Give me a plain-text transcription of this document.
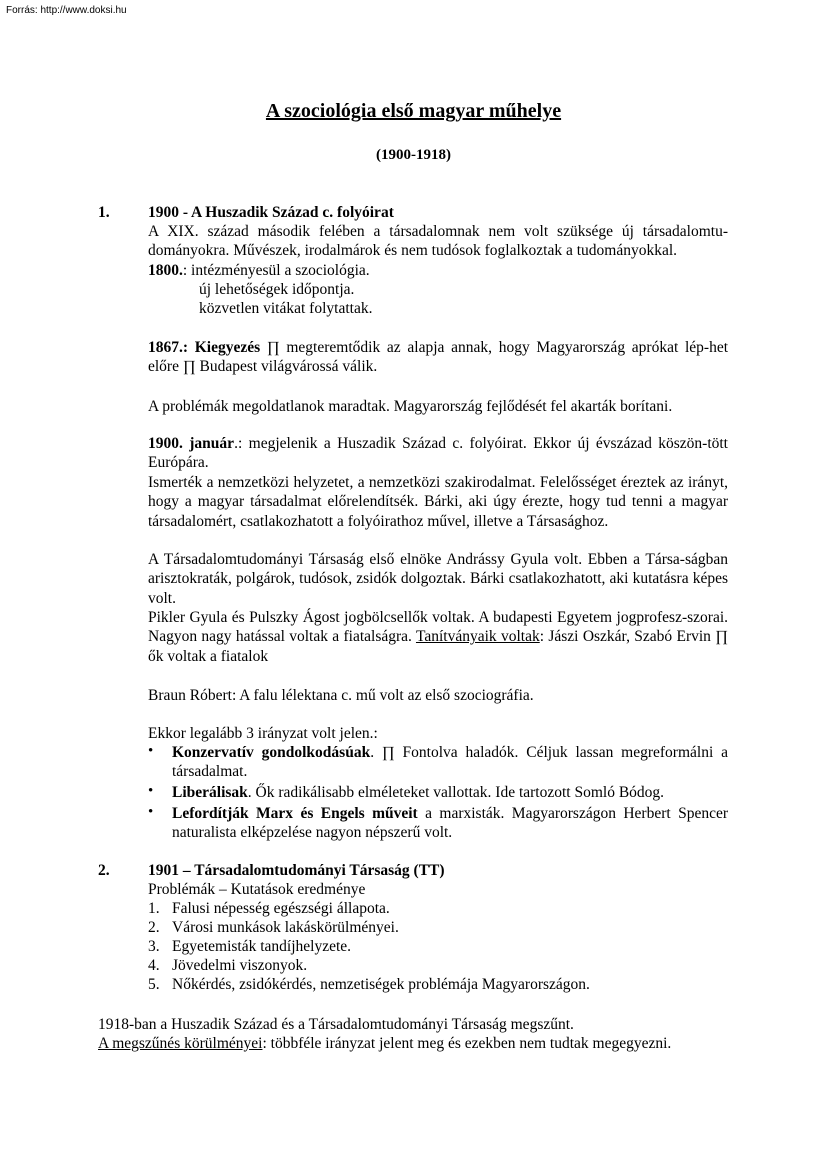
Forrás: http://www.doksi.hu
A szociológia első magyar műhelye
(1900-1918)
1. 1900 - A Huszadik Század c. folyóirat
A XIX. század második felében a társadalomnak nem volt szüksége új társadalomtu-dományokra. Művészek, irodalmárok és nem tudósok foglalkoztak a tudományokkal.
1800.: intézményesül a szociológia.
új lehetőségek időpontja.
közvetlen vitákat folytattak.
1867.: Kiegyezés ∏ megteremtődik az alapja annak, hogy Magyarország aprókat lép-het előre ∏ Budapest világvárossá válik.
A problémák megoldatlanok maradtak. Magyarország fejlődését fel akarták borítani.
1900. január.: megjelenik a Huszadik Század c. folyóirat. Ekkor új évszázad köszön-tött Európára.
Ismerték a nemzetközi helyzetet, a nemzetközi szakirodalmat. Felelősséget éreztek az irányt, hogy a magyar társadalmat előrelendítsék. Bárki, aki úgy érezte, hogy tud tenni a magyar társadalomért, csatlakozhatott a folyóirathoz művel, illetve a Társasághoz.
A Társadalomtudományi Társaság első elnöke Andrássy Gyula volt. Ebben a Társa-ságban arisztokraták, polgárok, tudósok, zsidók dolgoztak. Bárki csatlakozhatott, aki kutatásra képes volt.
Pikler Gyula és Pulszky Ágost jogbölcsellők voltak. A budapesti Egyetem jogprofesz-szorai. Nagyon nagy hatással voltak a fiatalságra. Tanítványaik voltak: Jászi Oszkár, Szabó Ervin ∏ ők voltak a fiatalok
Braun Róbert: A falu lélektana c. mű volt az első szociográfia.
Ekkor legalább 3 irányzat volt jelen.:
• Konzervatív gondolkodásúak. ∏ Fontolva haladók. Céljuk lassan megreformálni a társadalmat.
• Liberálisak. Ők radikálisabb elméleteket vallottak. Ide tartozott Somló Bódog.
• Lefordítják Marx és Engels műveit a marxisták. Magyarországon Herbert Spencer naturalista elképzelése nagyon népszerű volt.
2. 1901 – Társadalomtudományi Társaság (TT)
Problémák – Kutatások eredménye
1. Falusi népesség egészségi állapota.
2. Városi munkások lakáskörülményei.
3. Egyetemisták tandíjhelyzete.
4. Jövedelmi viszonyok.
5. Nőkérdés, zsidókérdés, nemzetiségek problémája Magyarországon.
1918-ban a Huszadik Század és a Társadalomtudományi Társaság megszűnt.
A megszűnés körülményei: többféle irányzat jelent meg és ezekben nem tudtak megegyezni.
